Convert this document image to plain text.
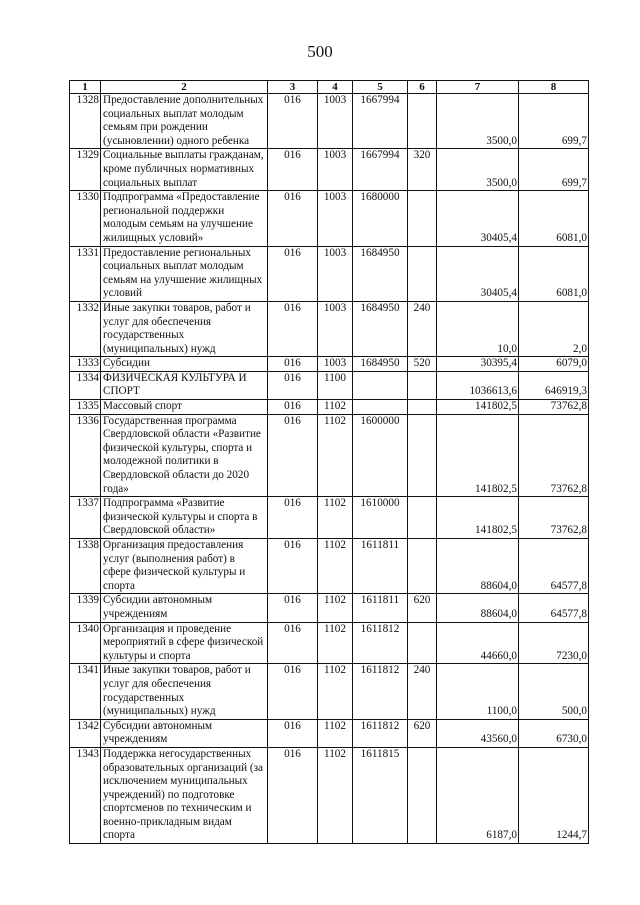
500
1	2	3	4	5	6	7	8
1328	Предоставление дополнительных социальных выплат молодым семьям при рождении (усыновлении) одного ребенка	016	1003	1667994		3500,0	699,7
1329	Социальные выплаты гражданам, кроме публичных нормативных социальных выплат	016	1003	1667994	320	3500,0	699,7
1330	Подпрограмма «Предоставление региональной поддержки молодым семьям на улучшение жилищных условий»	016	1003	1680000		30405,4	6081,0
1331	Предоставление региональных социальных выплат молодым семьям на улучшение жилищных условий	016	1003	1684950		30405,4	6081,0
1332	Иные закупки товаров, работ и услуг для обеспечения государственных (муниципальных) нужд	016	1003	1684950	240	10,0	2,0
1333	Субсидии	016	1003	1684950	520	30395,4	6079,0
1334	ФИЗИЧЕСКАЯ КУЛЬТУРА И СПОРТ	016	1100			1036613,6	646919,3
1335	Массовый спорт	016	1102			141802,5	73762,8
1336	Государственная программа Свердловской области «Развитие физической культуры, спорта и молодежной политики в Свердловской области до 2020 года»	016	1102	1600000		141802,5	73762,8
1337	Подпрограмма «Развитие физической культуры и спорта в Свердловской области»	016	1102	1610000		141802,5	73762,8
1338	Организация предоставления услуг (выполнения работ) в сфере физической культуры и спорта	016	1102	1611811		88604,0	64577,8
1339	Субсидии автономным учреждениям	016	1102	1611811	620	88604,0	64577,8
1340	Организация и проведение мероприятий в сфере физической культуры и спорта	016	1102	1611812		44660,0	7230,0
1341	Иные закупки товаров, работ и услуг для обеспечения государственных (муниципальных) нужд	016	1102	1611812	240	1100,0	500,0
1342	Субсидии автономным учреждениям	016	1102	1611812	620	43560,0	6730,0
1343	Поддержка негосударственных образовательных организаций (за исключением муниципальных учреждений) по подготовке спортсменов по техническим и военно-прикладным видам спорта	016	1102	1611815		6187,0	1244,7
